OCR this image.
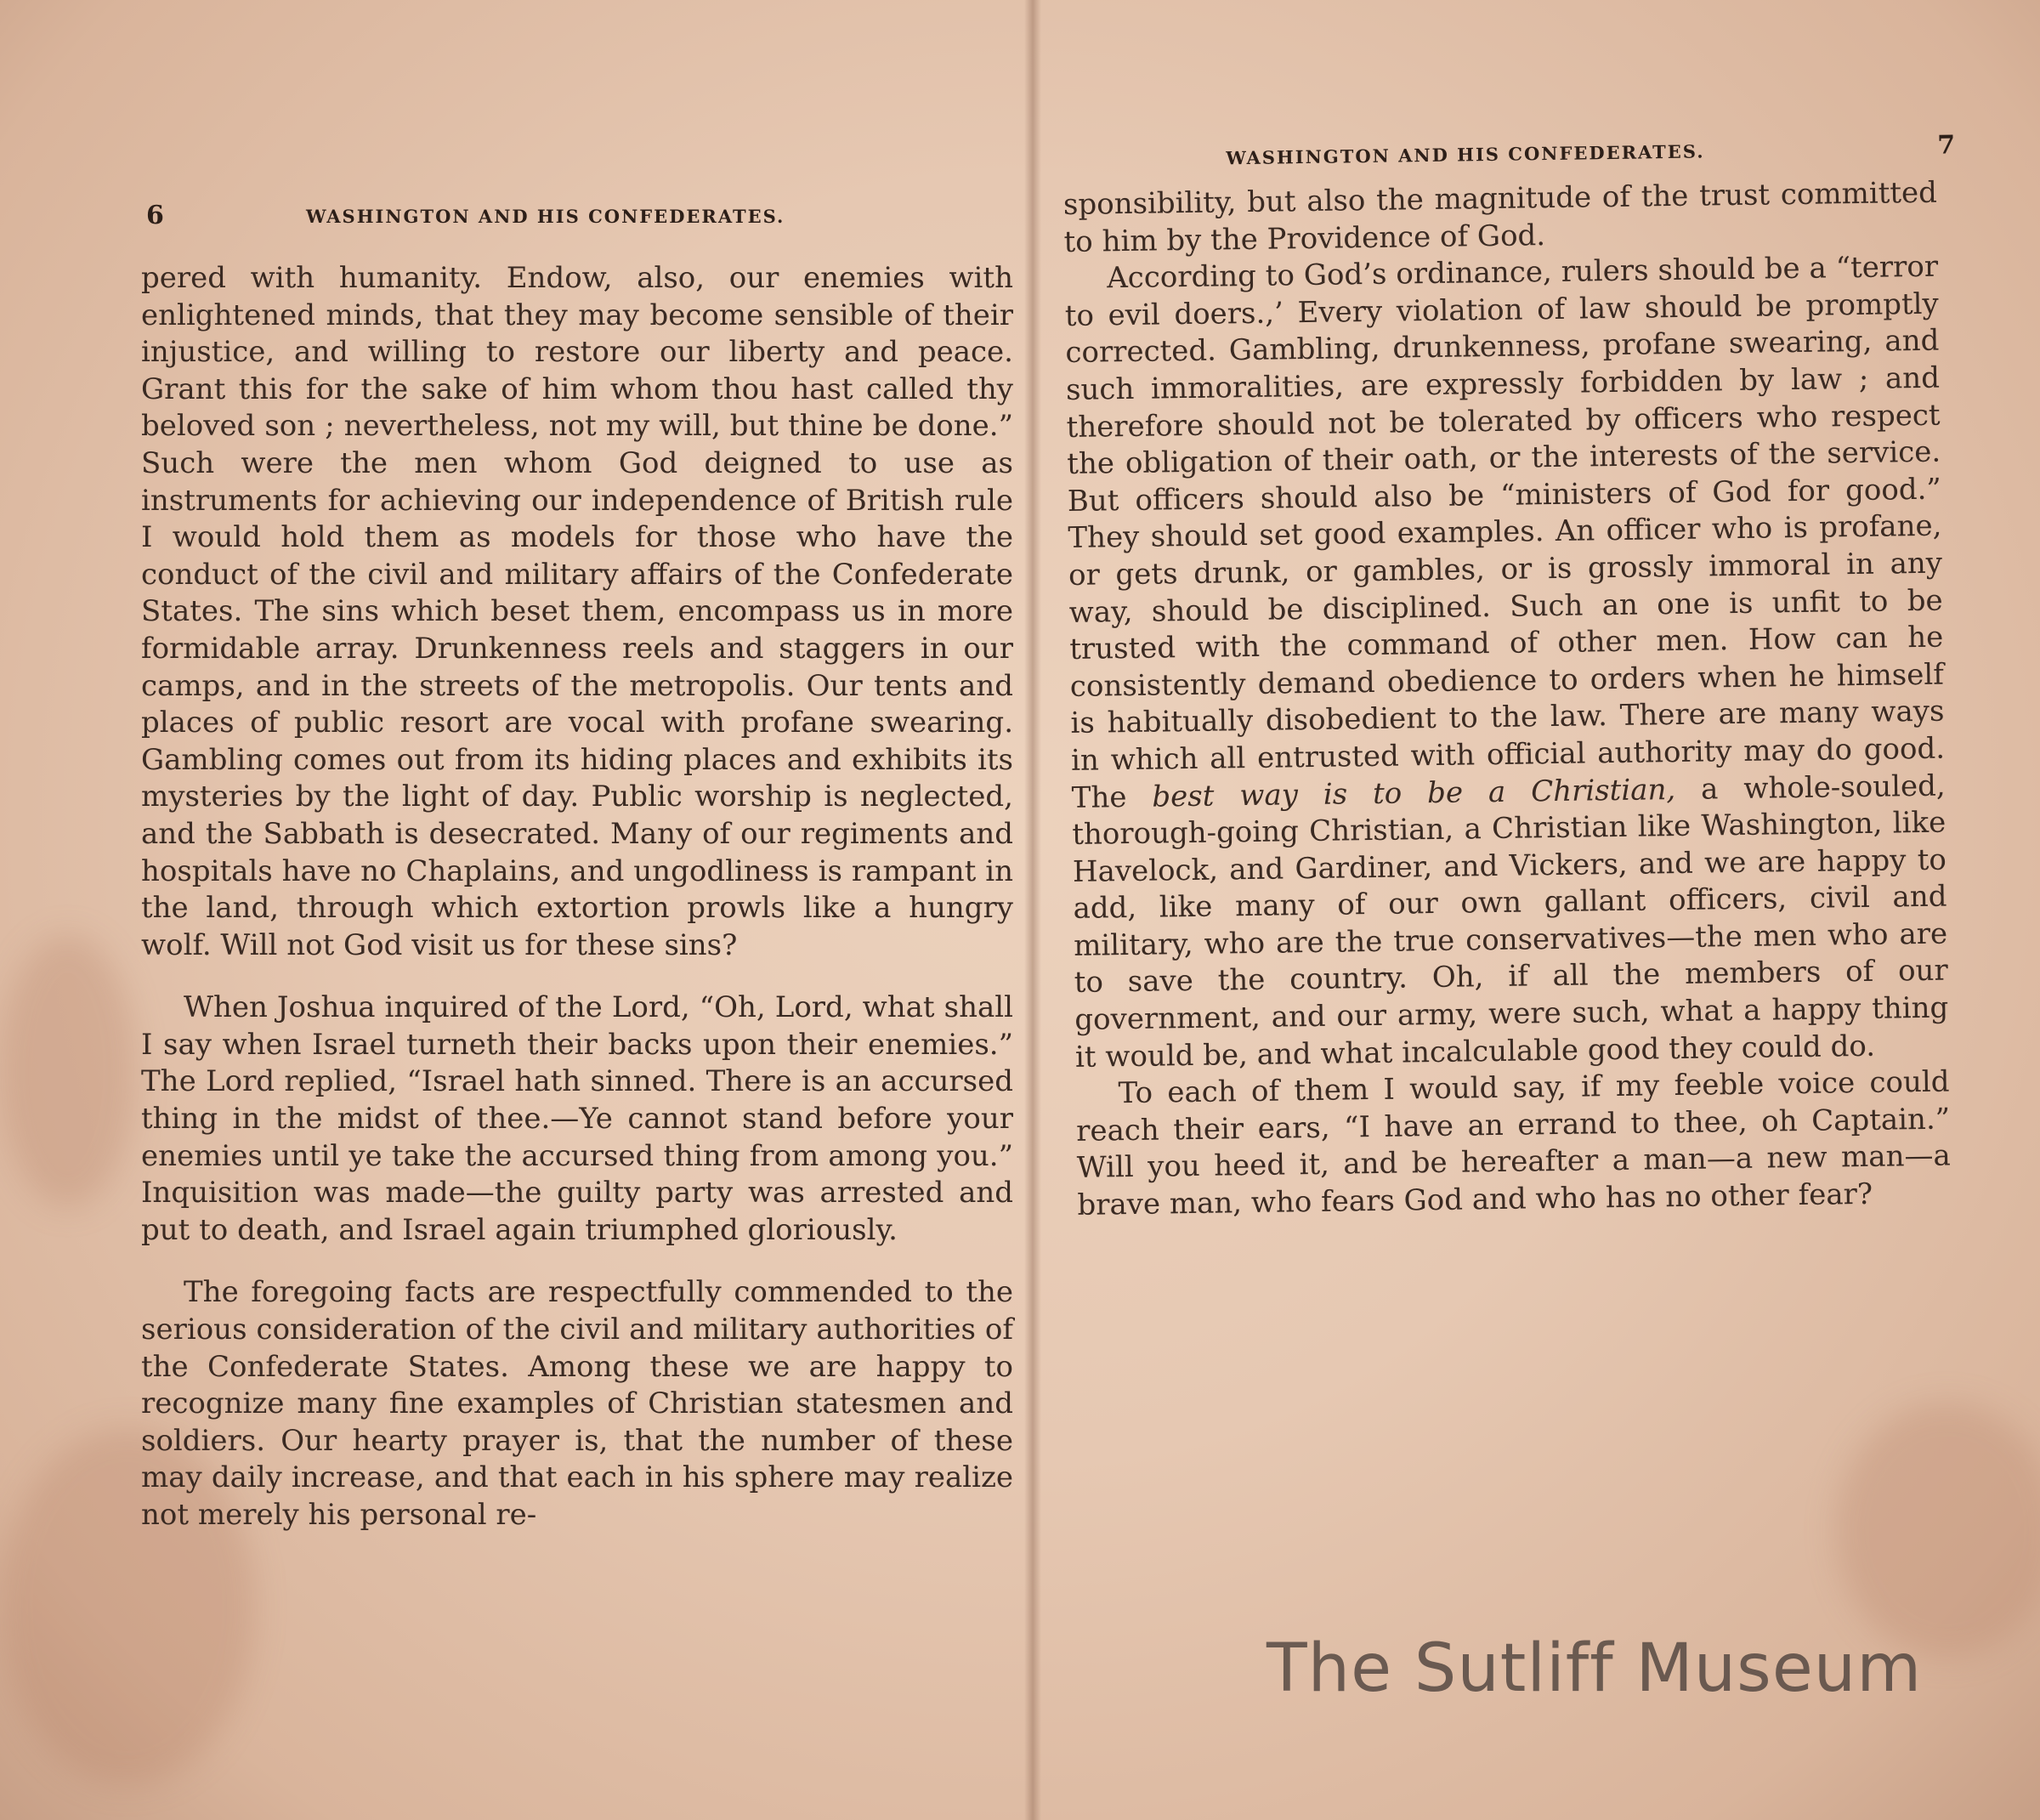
6	WASHINGTON AND HIS CONFEDERATES.

pered with humanity. Endow, also, our enemies with enlightened minds, that they may become sensible of their injustice, and willing to restore our liberty and peace. Grant this for the sake of him whom thou hast called thy beloved son ; nevertheless, not my will, but thine be done.” Such were the men whom God deigned to use as instruments for achieving our independence of British rule I would hold them as models for those who have the conduct of the civil and military affairs of the Confederate States. The sins which beset them, encompass us in more formidable array. Drunkenness reels and staggers in our camps, and in the streets of the metropolis. Our tents and places of public resort are vocal with profane swearing. Gambling comes out from its hiding places and exhibits its mysteries by the light of day. Public worship is neglected, and the Sabbath is desecrated. Many of our regiments and hospitals have no Chaplains, and ungodliness is rampant in the land, through which extortion prowls like a hungry wolf. Will not God visit us for these sins?

When Joshua inquired of the Lord, “Oh, Lord, what shall I say when Israel turneth their backs upon their enemies.” The Lord replied, “Israel hath sinned. There is an accursed thing in the midst of thee.—Ye cannot stand before your enemies until ye take the accursed thing from among you.” Inquisition was made—the guilty party was arrested and put to death, and Israel again triumphed gloriously.

The foregoing facts are respectfully commended to the serious consideration of the civil and military authorities of the Confederate States. Among these we are happy to recognize many fine examples of Christian statesmen and soldiers. Our hearty prayer is, that the number of these may daily increase, and that each in his sphere may realize not merely his personal re-

WASHINGTON AND HIS CONFEDERATES.	7

sponsibility, but also the magnitude of the trust committed to him by the Providence of God.

According to God’s ordinance, rulers should be a “terror to evil doers.,’ Every violation of law should be promptly corrected. Gambling, drunkenness, profane swearing, and such immoralities, are expressly forbidden by law ; and therefore should not be tolerated by officers who respect the obligation of their oath, or the interests of the service. But officers should also be “ministers of God for good.” They should set good examples. An officer who is profane, or gets drunk, or gambles, or is grossly immoral in any way, should be disciplined. Such an one is unfit to be trusted with the command of other men. How can he consistently demand obedience to orders when he himself is habitually disobedient to the law. There are many ways in which all entrusted with official authority may do good. The best way is to be a Christian, a whole-souled, thorough-going Christian, a Christian like Washington, like Havelock, and Gardiner, and Vickers, and we are happy to add, like many of our own gallant officers, civil and military, who are the true conservatives—the men who are to save the country. Oh, if all the members of our government, and our army, were such, what a happy thing it would be, and what incalculable good they could do.

To each of them I would say, if my feeble voice could reach their ears, “I have an errand to thee, oh Captain.” Will you heed it, and be hereafter a man—a new man—a brave man, who fears God and who has no other fear?

The Sutliff Museum
